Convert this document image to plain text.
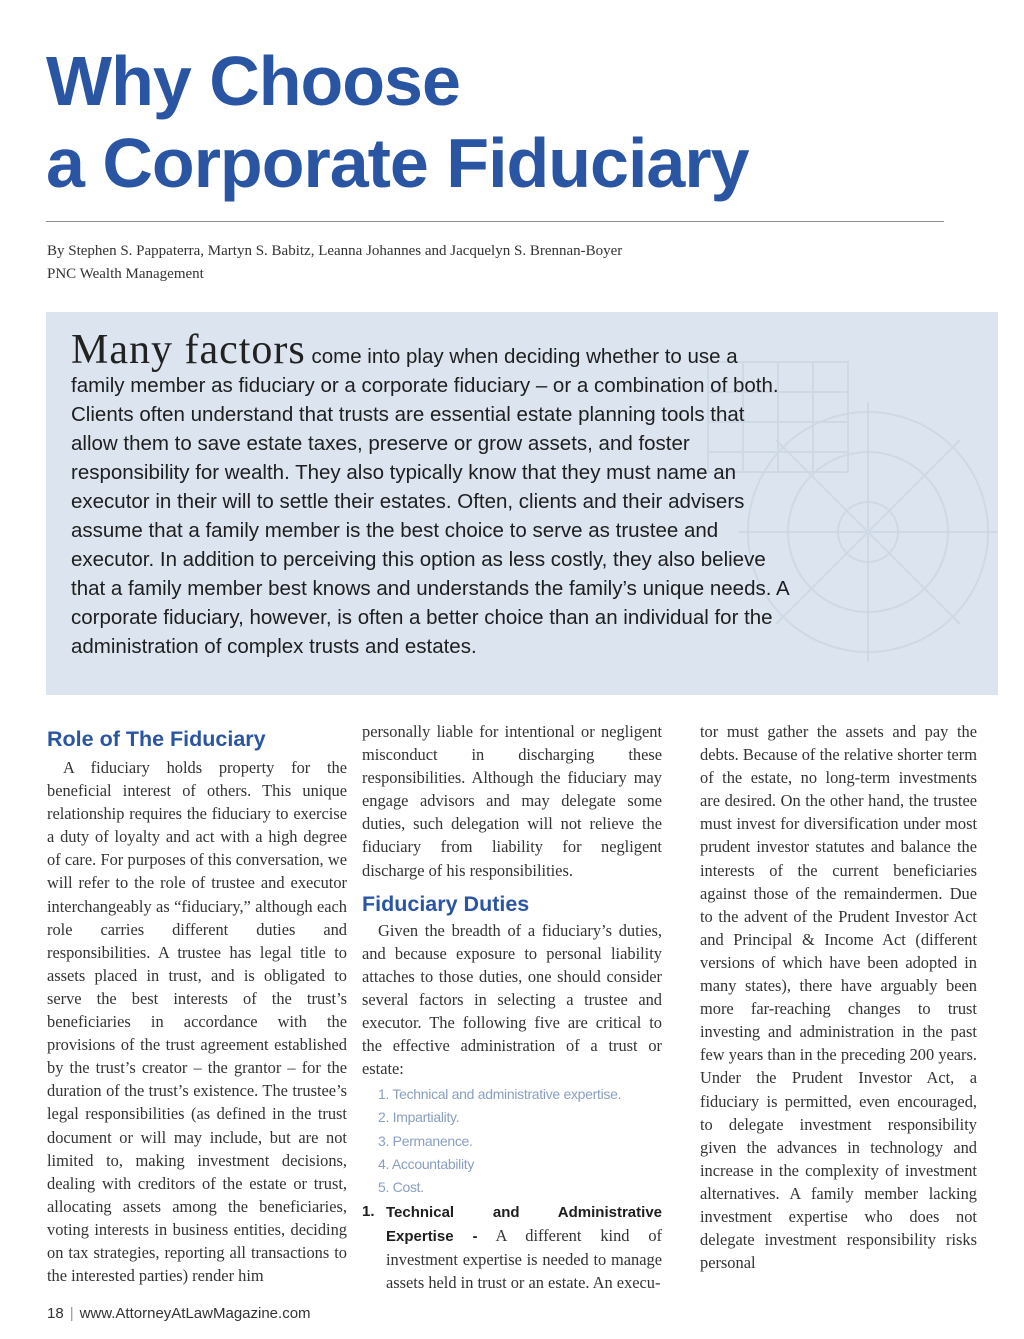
Why Choose
a Corporate Fiduciary
By Stephen S. Pappaterra, Martyn S. Babitz, Leanna Johannes and Jacquelyn S. Brennan-Boyer
PNC Wealth Management

Many factors come into play when deciding whether to use a family member as fiduciary or a corporate fiduciary – or a combination of both. Clients often understand that trusts are essential estate planning tools that allow them to save estate taxes, preserve or grow assets, and foster responsibility for wealth. They also typically know that they must name an executor in their will to settle their estates. Often, clients and their advisers assume that a family member is the best choice to serve as trustee and executor. In addition to perceiving this option as less costly, they also believe that a family member best knows and understands the family’s unique needs. A corporate fiduciary, however, is often a better choice than an individual for the administration of complex trusts and estates.

Role of The Fiduciary

A fiduciary holds property for the beneficial interest of others. This unique relationship requires the fiduciary to exercise a duty of loyalty and act with a high degree of care. For purposes of this conversation, we will refer to the role of trustee and executor interchangeably as “fiduciary,” although each role carries different duties and responsibilities. A trustee has legal title to assets placed in trust, and is obligated to serve the best interests of the trust’s beneficiaries in accordance with the provisions of the trust agreement established by the trust’s creator – the grantor – for the duration of the trust’s existence. The trustee’s legal responsibilities (as defined in the trust document or will may include, but are not limited to, making investment decisions, dealing with creditors of the estate or trust, allocating assets among the beneficiaries, voting interests in business entities, deciding on tax strategies, reporting all transactions to the interested parties) render him

personally liable for intentional or negligent misconduct in discharging these responsibilities. Although the fiduciary may engage advisors and may delegate some duties, such delegation will not relieve the fiduciary from liability for negligent discharge of his responsibilities.

Fiduciary Duties

Given the breadth of a fiduciary’s duties, and because exposure to personal liability attaches to those duties, one should consider several factors in selecting a trustee and executor. The following five are critical to the effective administration of a trust or estate:

1. Technical and administrative expertise.
2. Impartiality.
3. Permanence.
4. Accountability
5. Cost.
1. Technical and Administrative Expertise - A different kind of investment expertise is needed to manage assets held in trust or an estate. An execu-

tor must gather the assets and pay the debts. Because of the relative shorter term of the estate, no long-term investments are desired. On the other hand, the trustee must invest for diversification under most prudent investor statutes and balance the interests of the current beneficiaries against those of the remaindermen. Due to the advent of the Prudent Investor Act and Principal & Income Act (different versions of which have been adopted in many states), there have arguably been more far-reaching changes to trust investing and administration in the past few years than in the preceding 200 years. Under the Prudent Investor Act, a fiduciary is permitted, even encouraged, to delegate investment responsibility given the advances in technology and increase in the complexity of investment alternatives. A family member lacking investment expertise who does not delegate investment responsibility risks personal

18 | www.AttorneyAtLawMagazine.com
